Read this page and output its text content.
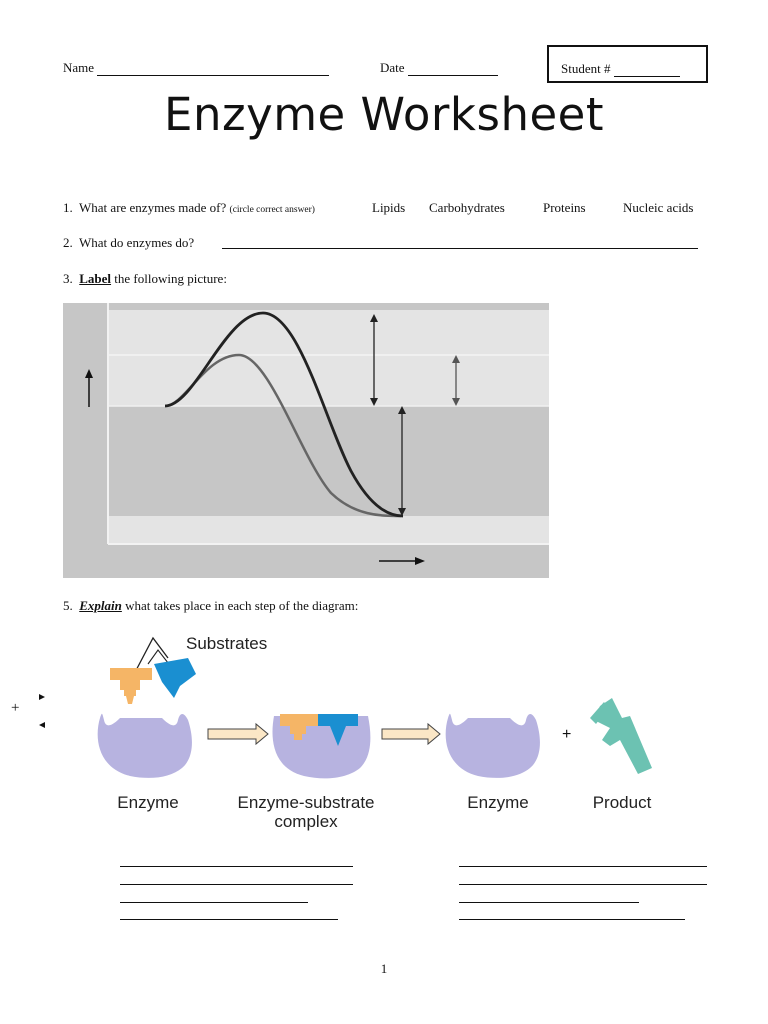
Name	Date	Student #
Enzyme Worksheet
1. What are enzymes made of? (circle correct answer)	Lipids Carbohydrates	Proteins	Nucleic acids
2. What do enzymes do?
3. Label the following picture:
5. Explain what takes place in each step of the diagram:
+
+
Substrates
Enzyme	Enzyme-substrate
complex
Enzyme	Product
1
